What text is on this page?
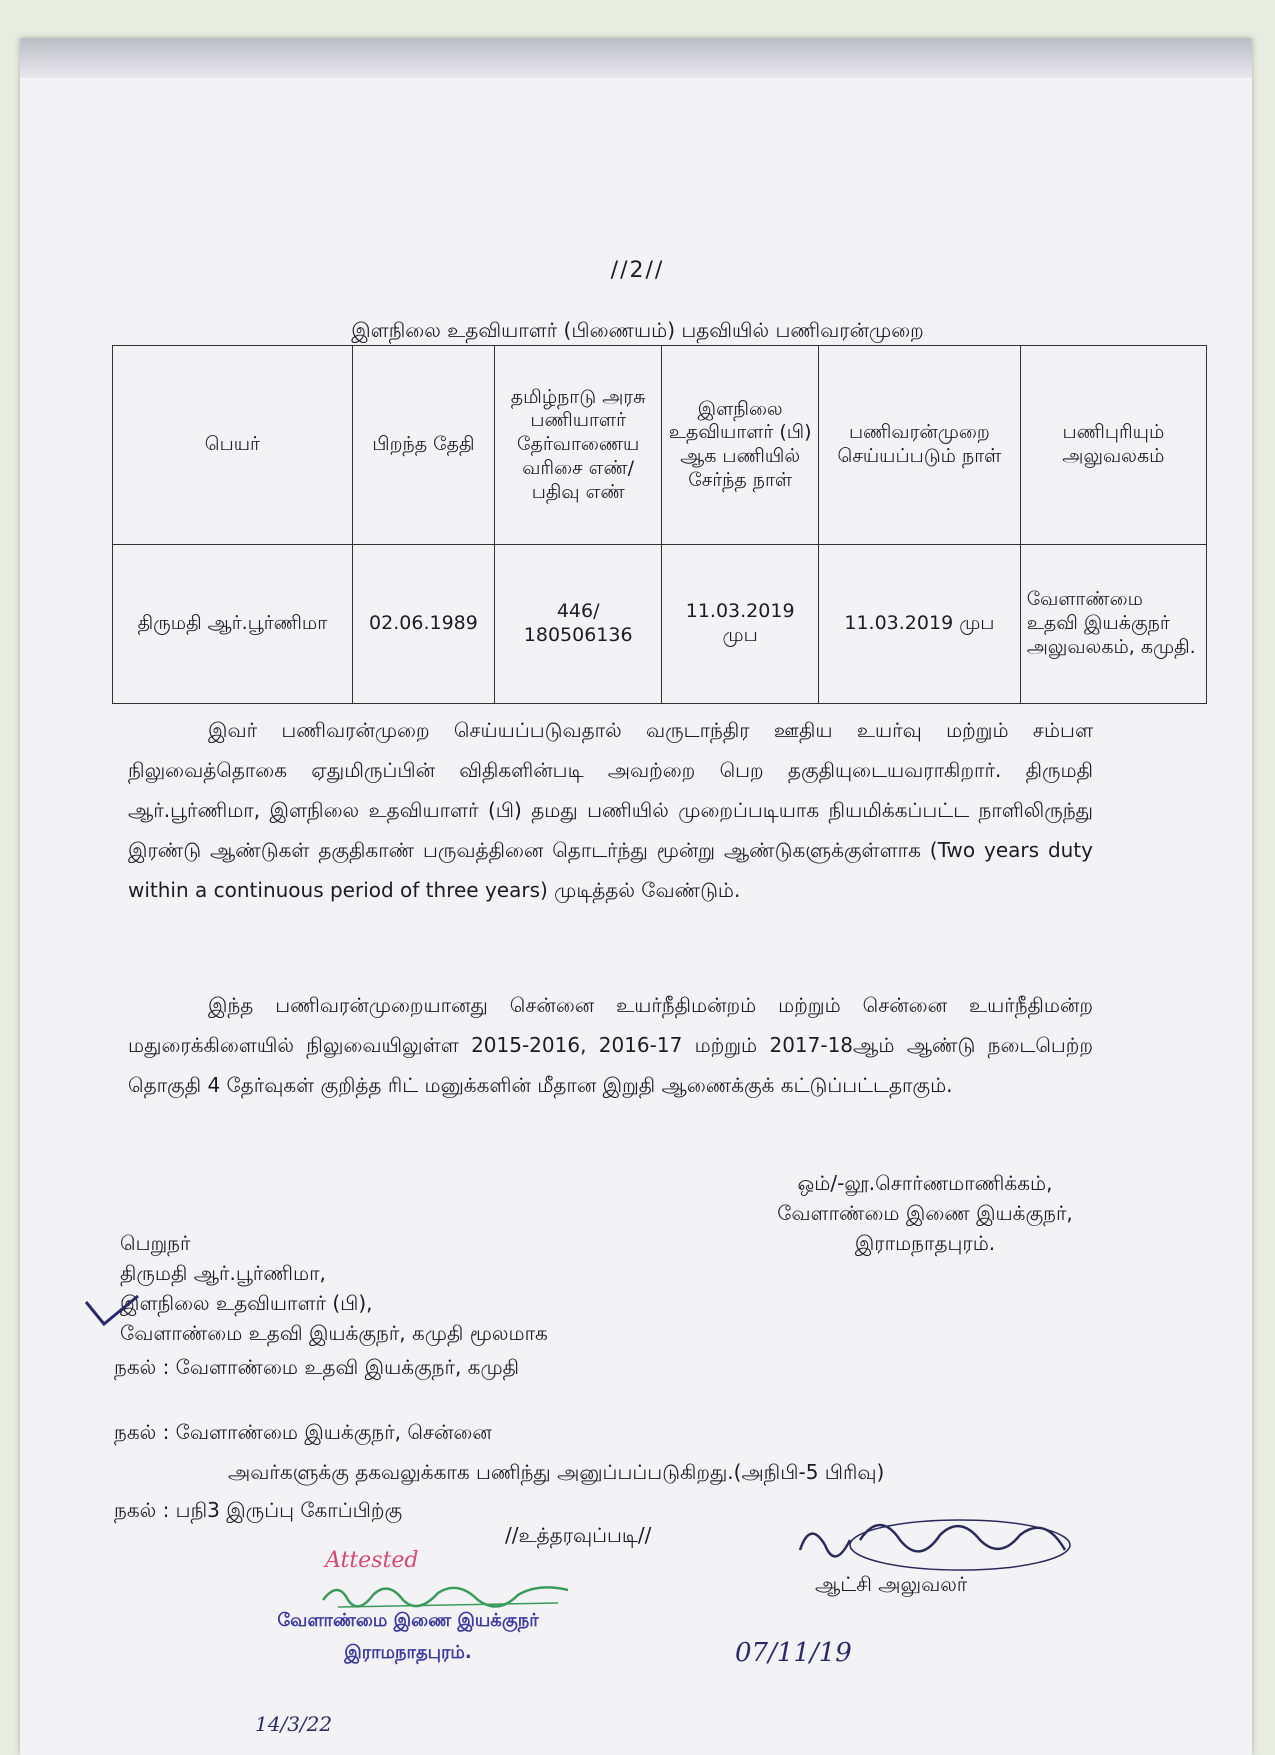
//2//
இளநிலை உதவியாளர் (பிணையம்) பதவியில் பணிவரன்முறை
பெயர்	பிறந்த தேதி	தமிழ்நாடு அரசு பணியாளர் தேர்வாணைய வரிசை எண்/பதிவு எண்	இளநிலை உதவியாளர் (பி) ஆக பணியில் சேர்ந்த நாள்	பணிவரன்முறை செய்யப்படும் நாள்	பணிபுரியும் அலுவலகம்
திருமதி ஆர்.பூர்ணிமா	02.06.1989	446/ 180506136	11.03.2019 முப	11.03.2019 முப	வேளாண்மை உதவி இயக்குநர் அலுவலகம், கமுதி.
இவர் பணிவரன்முறை செய்யப்படுவதால் வருடாந்திர ஊதிய உயர்வு மற்றும் சம்பள நிலுவைத்தொகை ஏதுமிருப்பின் விதிகளின்படி அவற்றை பெற தகுதியுடையவராகிறார். திருமதி ஆர்.பூர்ணிமா, இளநிலை உதவியாளர் (பி) தமது பணியில் முறைப்படியாக நியமிக்கப்பட்ட நாளிலிருந்து இரண்டு ஆண்டுகள் தகுதிகாண் பருவத்தினை தொடர்ந்து மூன்று ஆண்டுகளுக்குள்ளாக (Two years duty within a continuous period of three years) முடித்தல் வேண்டும்.
இந்த பணிவரன்முறையானது சென்னை உயர்நீதிமன்றம் மற்றும் சென்னை உயர்நீதிமன்ற மதுரைக்கிளையில் நிலுவையிலுள்ள 2015-2016, 2016-17 மற்றும் 2017-18ஆம் ஆண்டு நடைபெற்ற தொகுதி 4 தேர்வுகள் குறித்த ரிட் மனுக்களின் மீதான இறுதி ஆணைக்குக் கட்டுப்பட்டதாகும்.
ஒம்/-லூ.சொர்ணமாணிக்கம்,
வேளாண்மை இணை இயக்குநர்,
இராமநாதபுரம்.
பெறுநர்
திருமதி ஆர்.பூர்ணிமா,
இளநிலை உதவியாளர் (பி),
வேளாண்மை உதவி இயக்குநர், கமுதி மூலமாக
நகல் : வேளாண்மை உதவி இயக்குநர், கமுதி
நகல் : வேளாண்மை இயக்குநர், சென்னை
அவர்களுக்கு தகவலுக்காக பணிந்து அனுப்பப்படுகிறது.(அநிபி-5 பிரிவு)
நகல் : பநி3 இருப்பு கோப்பிற்கு
//உத்தரவுப்படி//
ஆட்சி அலுவலர்
Attested
வேளாண்மை இணை இயக்குநர்
இராமநாதபுரம்.	07/11/19
14/3/22
